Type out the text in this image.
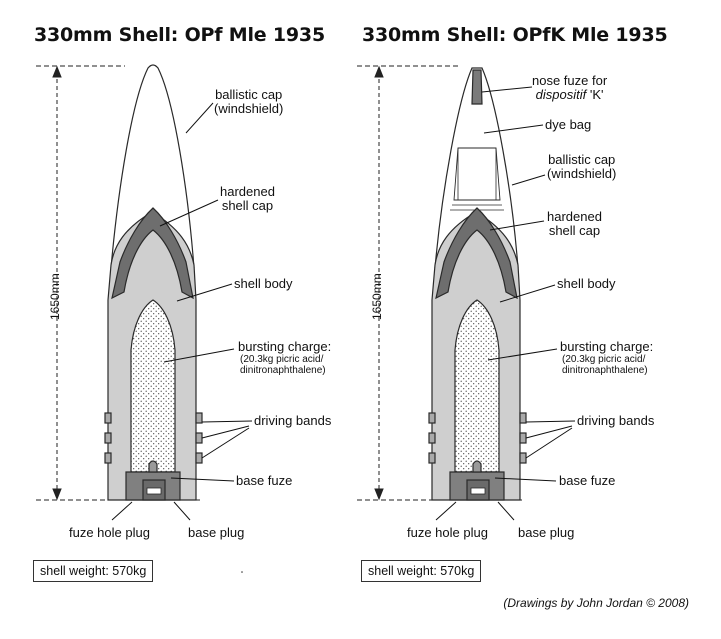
330mm Shell: OPf Mle 1935 330mm Shell: OPfK Mle 1935
ballistic cap
(windshield)
hardened
shell cap
shell body
bursting charge:
(20.3kg picric acid/
dinitronaphthalene)
driving bands
base fuze
fuze hole plug	base plug
1650mm
shell weight: 570kg
nose fuze for
dispositif 'K'
dye bag
ballistic cap
(windshield)
hardened
shell cap
shell body
bursting charge:
(20.3kg picric acid/
dinitronaphthalene)
driving bands
base fuze
fuze hole plug base plug
1650mm
shell weight: 570kg
(Drawings by John Jordan © 2008)
